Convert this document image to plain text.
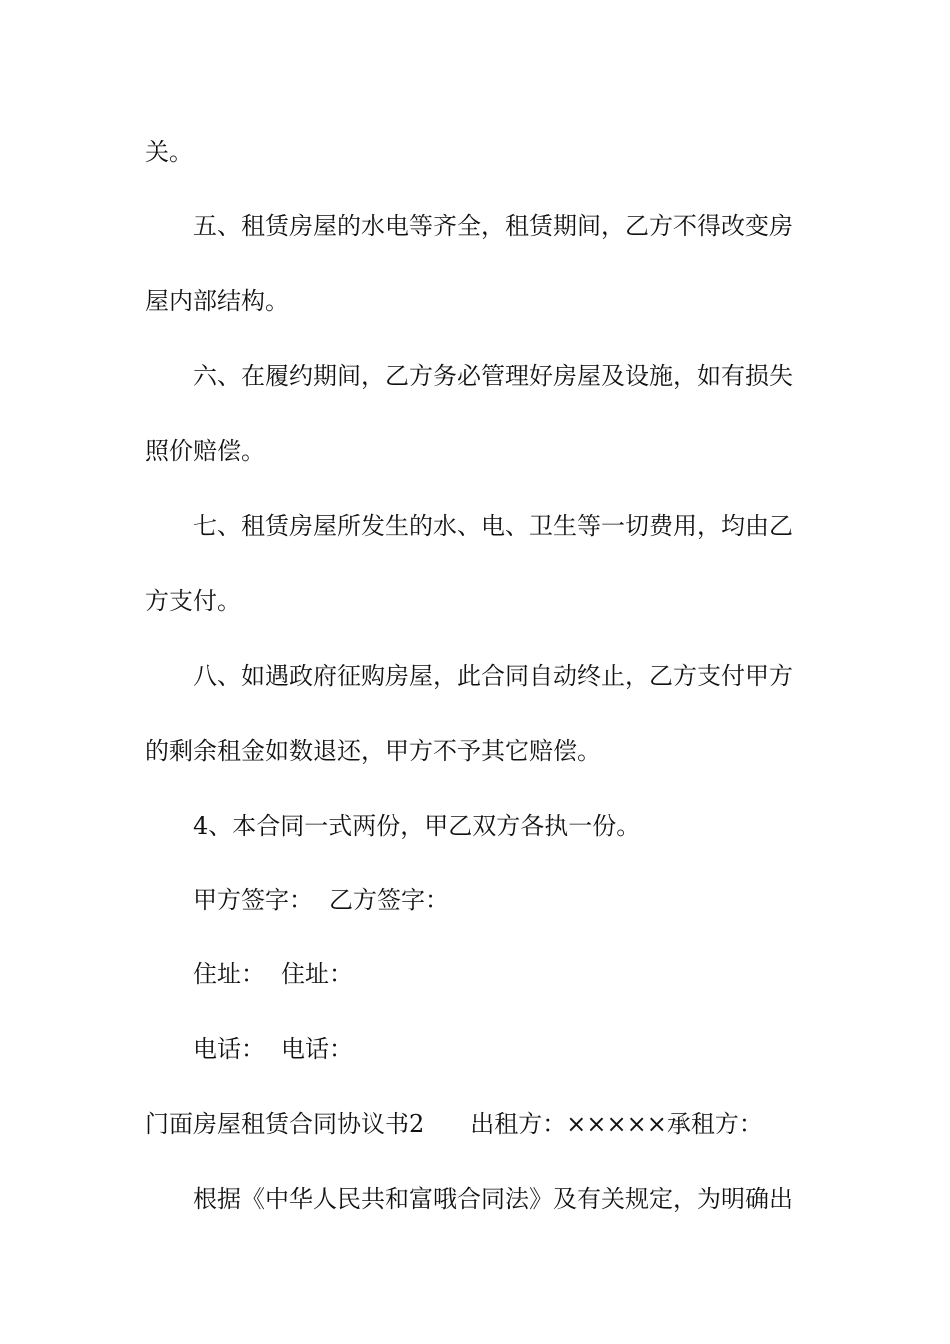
关。
五、租赁房屋的水电等齐全，租赁期间，乙方不得改变房
屋内部结构。
六、在履约期间，乙方务必管理好房屋及设施，如有损失
照价赔偿。
七、租赁房屋所发生的水、电、卫生等一切费用，均由乙
方支付。
八、如遇政府征购房屋，此合同自动终止，乙方支付甲方
的剩余租金如数退还，甲方不予其它赔偿。
4、本合同一式两份，甲乙双方各执一份。
甲方签字： 乙方签字：
住址： 住址：
电话： 电话：
门面房屋租赁合同协议书2 出租方：×××××承租方：
根据《中华人民共和富哦合同法》及有关规定，为明确出
